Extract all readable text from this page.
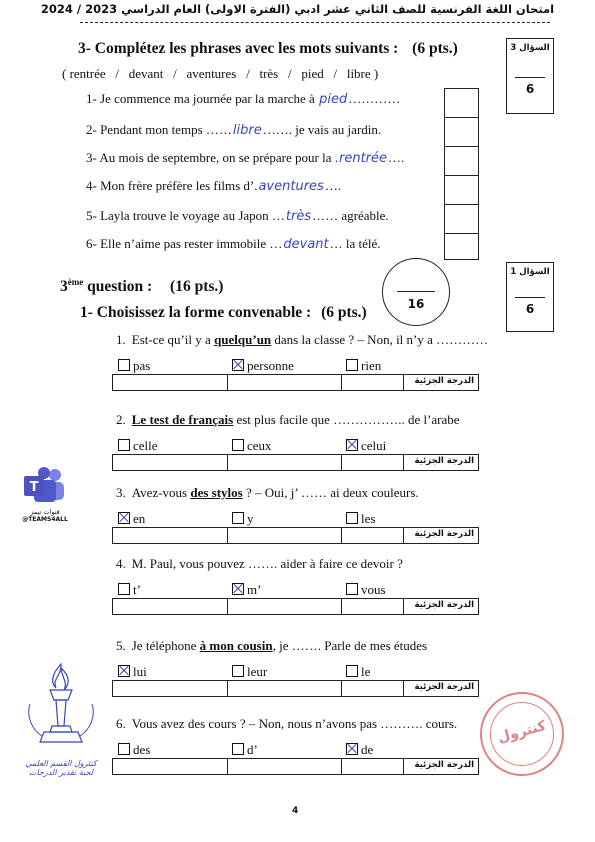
امتحان اللغة الفرنسية للصف الثاني عشر ادبي (الفترة الاولى) العام الدراسي 2023 / 2024
3- Complétez les phrases avec les mots suivants : (6 pts.)	السؤال 3
6
( rentrée   /   devant   /   aventures   /   très   /   pied   /   libre )
1- Je commence ma journée par la marche à pied…………
2- Pendant mon temps ……libre……. je vais au jardin.
3- Au mois de septembre, on se prépare pour la .rentrée….
4- Mon frère préfère les films d’.aventures….
5- Layla trouve le voyage au Japon …très…… agréable.
6- Elle n’aime pas rester immobile …devant… la télé.
3ème question : (16 pts.)
16
السؤال 1
6
1- Choisissez la forme convenable : (6 pts.)
1. Est-ce qu’il y a quelqu’un dans la classe ? – Non, il n’y a …………
pas	personne	rien
الدرجة الجزئية
2. Le test de français est plus facile que …………….. de l’arabe
celle	ceux	celui
الدرجة الجزئية
3. Avez-vous des stylos ? – Oui, j’ …… ai deux couleurs.
en	y	les
الدرجة الجزئية
4. M. Paul, vous pouvez ……. aider à faire ce devoir ?
t’	m’	vous
الدرجة الجزئية
5. Je téléphone à mon cousin, je ……. Parle de mes études
lui	leur	le
الدرجة الجزئية
6. Vous avez des cours ? – Non, nous n’avons pas ………. cours.
des	d’	de
الدرجة الجزئية
T
قنوات تيمز
@TEAMS4ALL
كنترول القسم العلمي
لجنة تقدير الدرجات
كنترول
4
